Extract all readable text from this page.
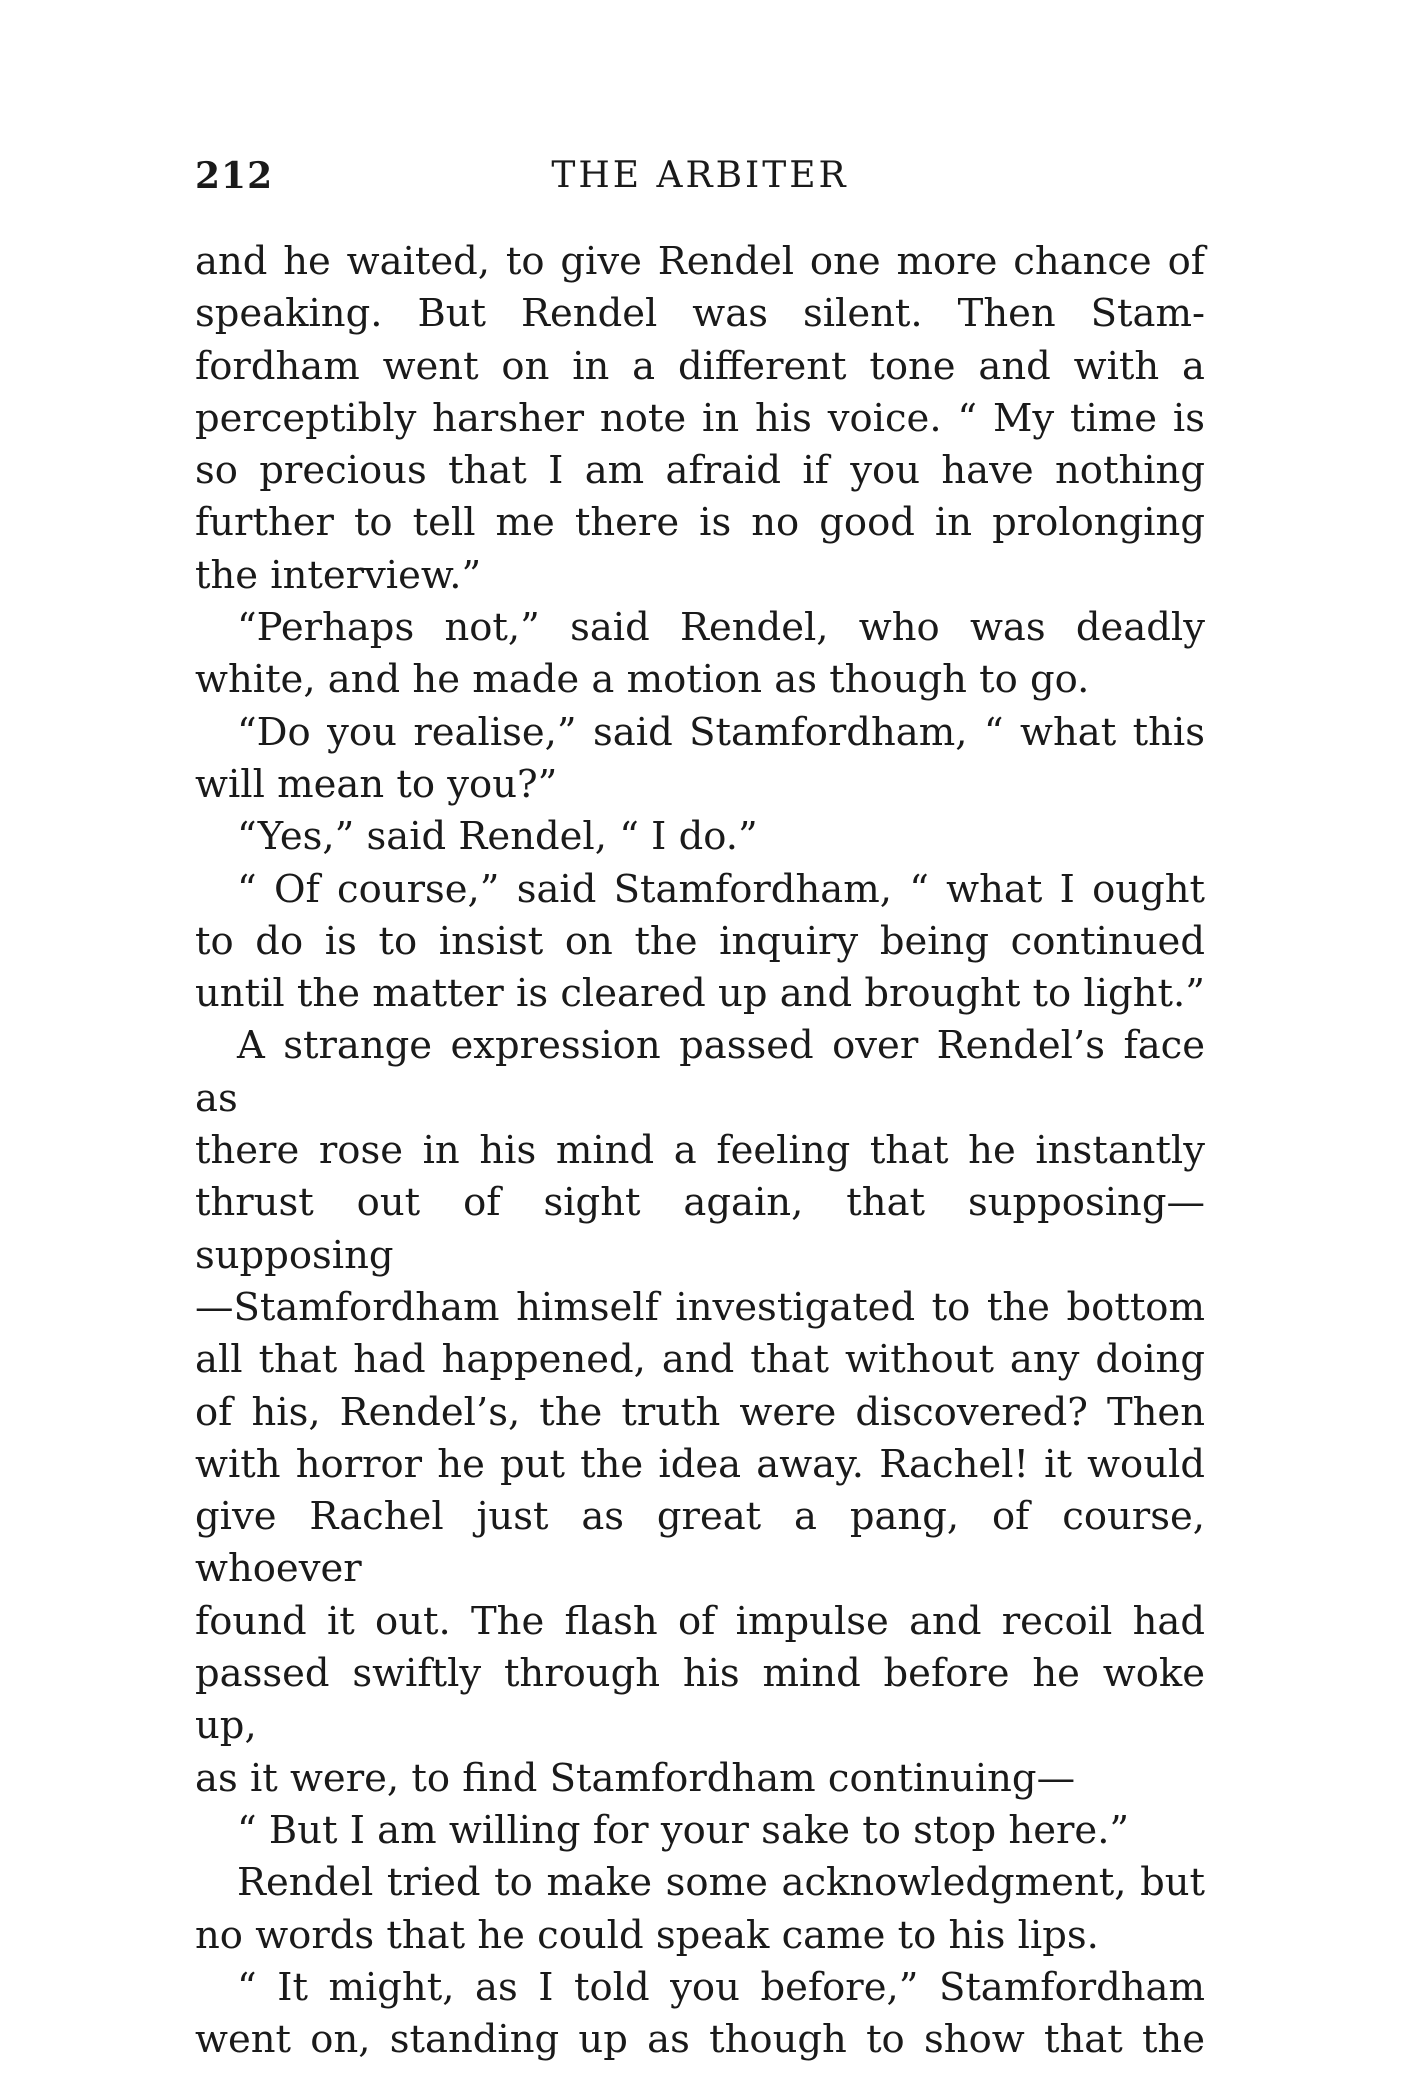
212	THE ARBITER

and he waited, to give Rendel one more chance of

speaking. But Rendel was silent. Then Stam-

fordham went on in a different tone and with a

perceptibly harsher note in his voice. “ My time is

so precious that I am afraid if you have nothing

further to tell me there is no good in prolonging

the interview.”

“Perhaps not,” said Rendel, who was deadly

white, and he made a motion as though to go.

“Do you realise,” said Stamfordham, “ what this

will mean to you?”

“Yes,” said Rendel, “ I do.”

“ Of course,” said Stamfordham, “ what I ought

to do is to insist on the inquiry being continued

until the matter is cleared up and brought to light.”

A strange expression passed over Rendel’s face as

there rose in his mind a feeling that he instantly

thrust out of sight again, that supposing—supposing

—Stamfordham himself investigated to the bottom

all that had happened, and that without any doing

of his, Rendel’s, the truth were discovered? Then

with horror he put the idea away. Rachel! it would

give Rachel just as great a pang, of course, whoever

found it out. The flash of impulse and recoil had

passed swiftly through his mind before he woke up,

as it were, to find Stamfordham continuing—

“ But I am willing for your sake to stop here.”

Rendel tried to make some acknowledgment, but

no words that he could speak came to his lips.

“ It might, as I told you before,” Stamfordham

went on, standing up as though to show that the
